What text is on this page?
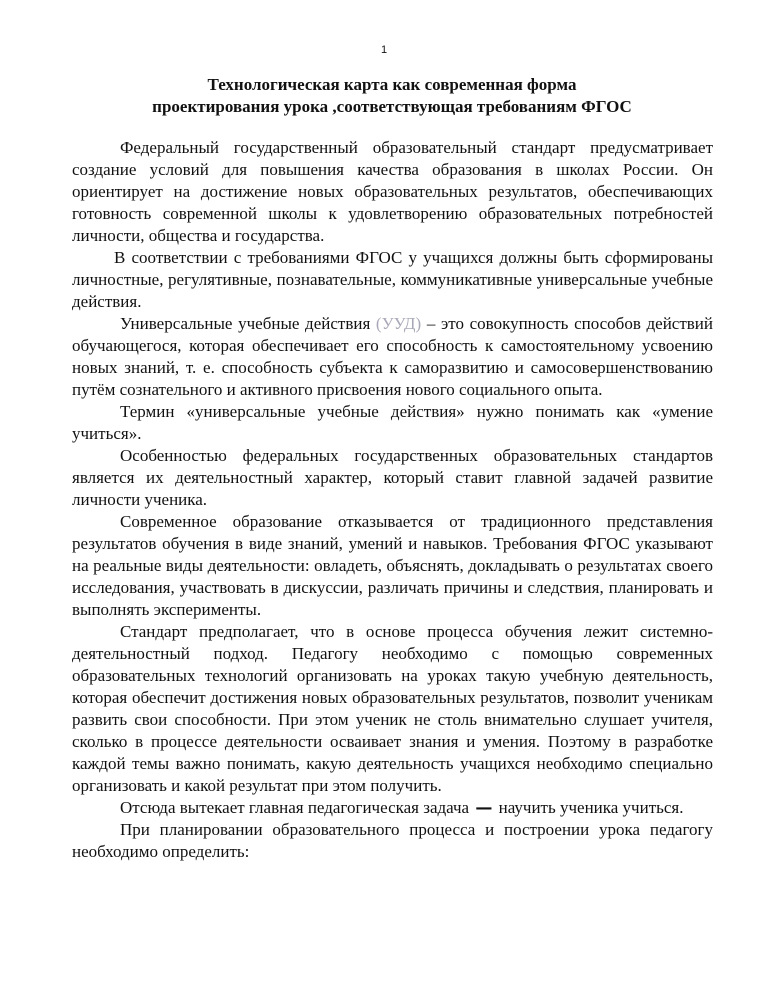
1
Технологическая карта как современная форма
проектирования урока ,соответствующая требованиям ФГОС

Федеральный государственный образовательный стандарт предусматривает создание условий для повышения качества образования в школах России. Он ориентирует на достижение новых образовательных результатов, обеспечивающих готовность современной школы к удовлетворению образовательных потребностей личности, общества и государства.

В соответствии с требованиями ФГОС у учащихся должны быть сформированы личностные, регулятивные, познавательные, коммуникативные универсальные учебные действия.

Универсальные учебные действия (УУД) – это совокупность способов действий обучающегося, которая обеспечивает его способность к самостоятельному усвоению новых знаний, т. е. способность субъекта к саморазвитию и самосовершенствованию путём сознательного и активного присвоения нового социального опыта.

Термин «универсальные учебные действия» нужно понимать как «умение учиться».

Особенностью федеральных государственных образовательных стандартов является их деятельностный характер, который ставит главной задачей развитие личности ученика.

Современное образование отказывается от традиционного представления результатов обучения в виде знаний, умений и навыков. Требования ФГОС указывают на реальные виды деятельности: овладеть, объяснять, докладывать о результатах своего исследования, участвовать в дискуссии, различать причины и следствия, планировать и выполнять эксперименты.

Стандарт предполагает, что в основе процесса обучения лежит системно-деятельностный подход. Педагогу необходимо с помощью современных образовательных технологий организовать на уроках такую учебную деятельность, которая обеспечит достижения новых образовательных результатов, позволит ученикам развить свои способности. При этом ученик не столь внимательно слушает учителя, сколько в процессе деятельности осваивает знания и умения. Поэтому в разработке каждой темы важно понимать, какую деятельность учащихся необходимо специально организовать и какой результат при этом получить.

Отсюда вытекает главная педагогическая задача — научить ученика учиться.

При планировании образовательного процесса и построении урока педагогу необходимо определить:
